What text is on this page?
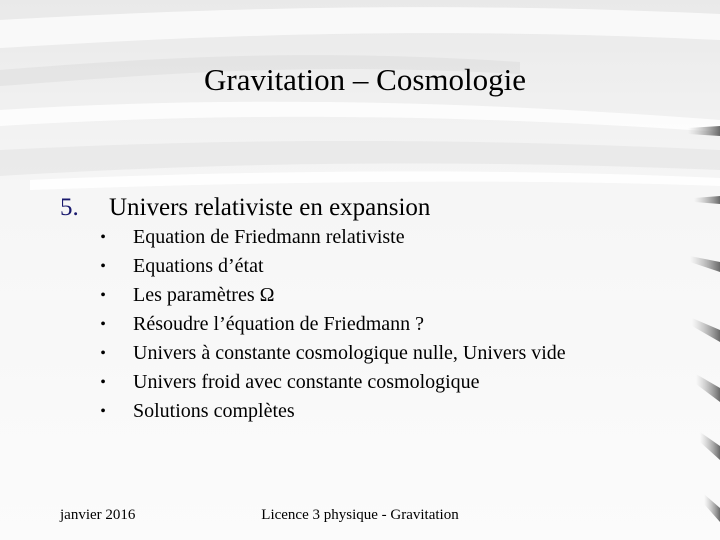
Gravitation – Cosmologie
5. Univers relativiste en expansion
•	Equation de Friedmann relativiste
•	Equations d’état
•	Les paramètres Ω
•	Résoudre l’équation de Friedmann ?
•	Univers à constante cosmologique nulle, Univers vide
•	Univers froid avec constante cosmologique
•	Solutions complètes
janvier 2016	Licence 3 physique - Gravitation
